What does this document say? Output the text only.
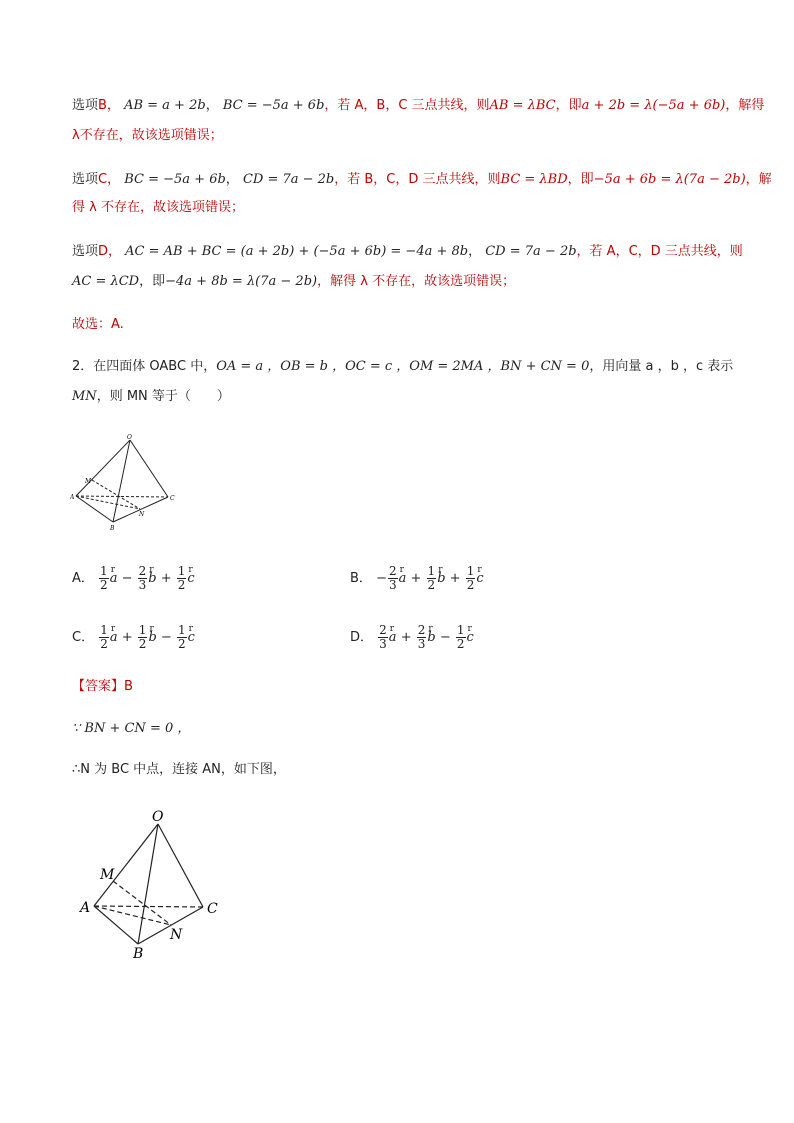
选项B， AB = a + 2b， BC = −5a + 6b，若 A，B，C 三点共线，则AB = λBC，即a + 2b = λ(−5a + 6b)，解得
λ不存在，故该选项错误；
选项C， BC = −5a + 6b， CD = 7a − 2b，若 B，C，D 三点共线，则BC = λBD，即−5a + 6b = λ(7a − 2b)，解
得 λ 不存在，故该选项错误；
选项D， AC = AB + BC = (a + 2b) + (−5a + 6b) = −4a + 8b， CD = 7a − 2b，若 A，C，D 三点共线，则
AC = λCD，即−4a + 8b = λ(7a − 2b)，解得 λ 不存在，故该选项错误；
故选：A.
2．在四面体 OABC 中，OA = a ，OB = b ，OC = c ，OM = 2MA ，BN + CN = 0，用向量 a ，b ，c 表示
MN，则 MN 等于（　　）
O
M
A
B
C
N
A． $\frac{1}{2}$ r $a - \frac{2}{3}$ r $b + \frac{1}{2}$ r c	B． − $\frac{2}{3}$ r $a + \frac{1}{2}$ r $b + \frac{1}{2}$ r c
C． $\frac{1}{2}$ r $a + \frac{1}{2}$ r $b - \frac{1}{2}$ r c	D． $\frac{2}{3}$ r $a + \frac{2}{3}$ r $b - \frac{1}{2}$ r c
【答案】B
∵ BN + CN = 0 ，
∴N 为 BC 中点，连接 AN，如下图，
O
M
A
B
C
N
